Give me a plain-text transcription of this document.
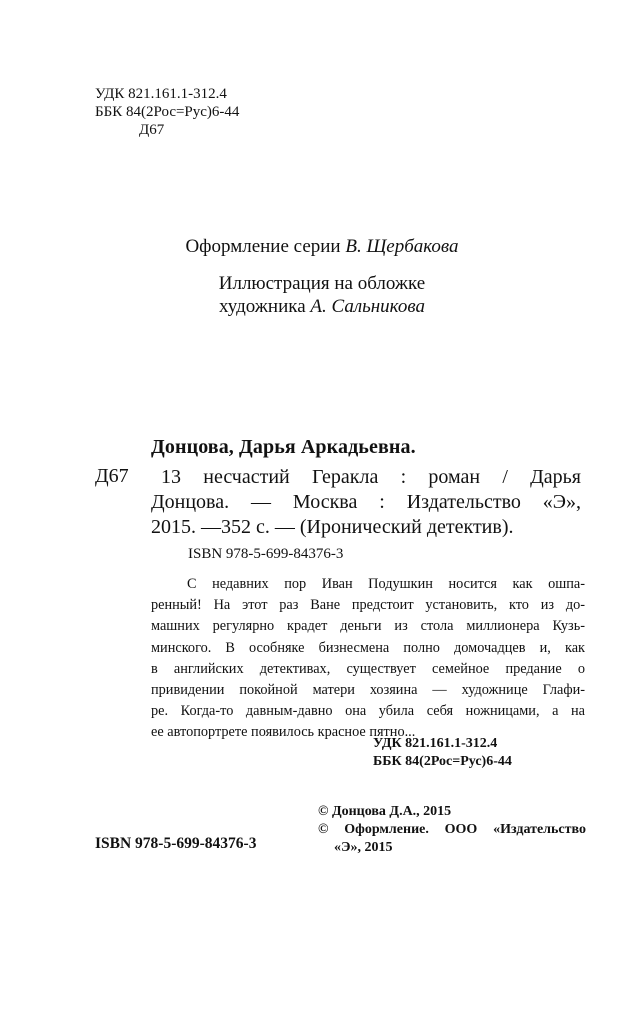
УДК 821.161.1-312.4
ББК 84(2Рос=Рус)6-44
Д67
Оформление серии В. Щербакова
Иллюстрация на обложке
художника А. Сальникова
Донцова, Дарья Аркадьевна.
Д67	13 несчастий Геракла : роман / Дарья
Донцова. — Москва : Издательство «Э»,
2015. —352 с. — (Иронический детектив).
ISBN 978-5-699-84376-3
С недавних пор Иван Подушкин носится как ошпа-
ренный! На этот раз Ване предстоит установить, кто из до-
машних регулярно крадет деньги из стола миллионера Кузь-
минского. В особняке бизнесмена полно домочадцев и, как
в английских детективах, существует семейное предание о
привидении покойной матери хозяина — художнице Глафи-
ре. Когда-то давным-давно она убила себя ножницами, а на
ее автопортрете появилось красное пятно...
УДК 821.161.1-312.4
ББК 84(2Рос=Рус)6-44
© Донцова Д.А., 2015
© Оформление. ООО «Издательство
«Э», 2015
ISBN 978-5-699-84376-3
